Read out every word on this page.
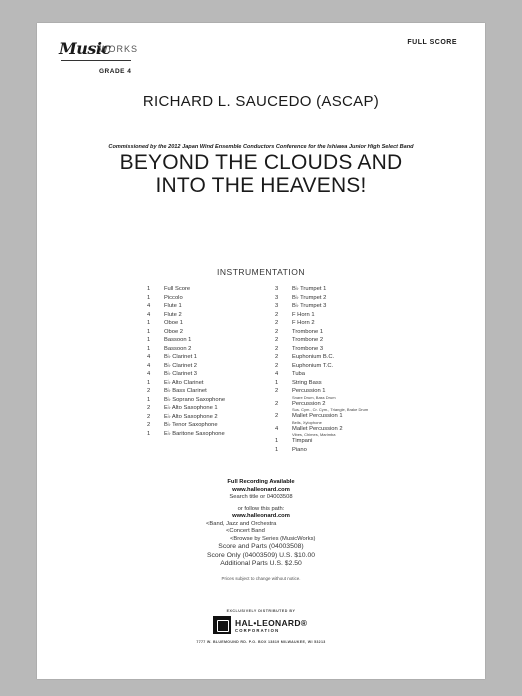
Music
WORKS
GRADE 4
FULL SCORE
RICHARD L. SAUCEDO (ASCAP)
Commissioned by the 2012 Japan Wind Ensemble Conductors Conference for the Ishiawa Junior High Select Band
BEYOND THE CLOUDS AND
INTO THE HEAVENS!
INSTRUMENTATION
1	Full Score
1	Piccolo
4	Flute 1
4	Flute 2
1	Oboe 1
1	Oboe 2
1	Bassoon 1
1	Bassoon 2
4	B♭ Clarinet 1
4	B♭ Clarinet 2
4	B♭ Clarinet 3
1	E♭ Alto Clarinet
2	B♭ Bass Clarinet
1	B♭ Soprano Saxophone
2	E♭ Alto Saxophone 1
2	E♭ Alto Saxophone 2
2	B♭ Tenor Saxophone
1	E♭ Baritone Saxophone
3	B♭ Trumpet 1
3	B♭ Trumpet 2
3	B♭ Trumpet 3
2	F Horn 1
2	F Horn 2
2	Trombone 1
2	Trombone 2
2	Trombone 3
2	Euphonium B.C.
2	Euphonium T.C.
4	Tuba
1	String Bass
2	Percussion 1
Snare Drum, Bass Drum
2	Percussion 2
Sus. Cym., Cr. Cym., Triangle, Brake Drum
2	Mallet Percussion 1
Bells, Xylophone
4	Mallet Percussion 2
Vibes, Chimes, Marimba
1	Timpani
1	Piano
Full Recording Available
www.halleonard.com
Search title or 04003508
or follow this path:
www.halleonard.com
<Band, Jazz and Orchestra
<Concert Band
<Browse by Series (MusicWorks)
Score and Parts (04003508)
Score Only (04003509) U.S. $10.00
Additional Parts U.S. $2.50
Prices subject to change without notice.
EXCLUSIVELY DISTRIBUTED BY
HAL•LEONARD®
CORPORATION
7777 W. BLUEMOUND RD. P.O. BOX 13819 MILWAUKEE, WI 53213
